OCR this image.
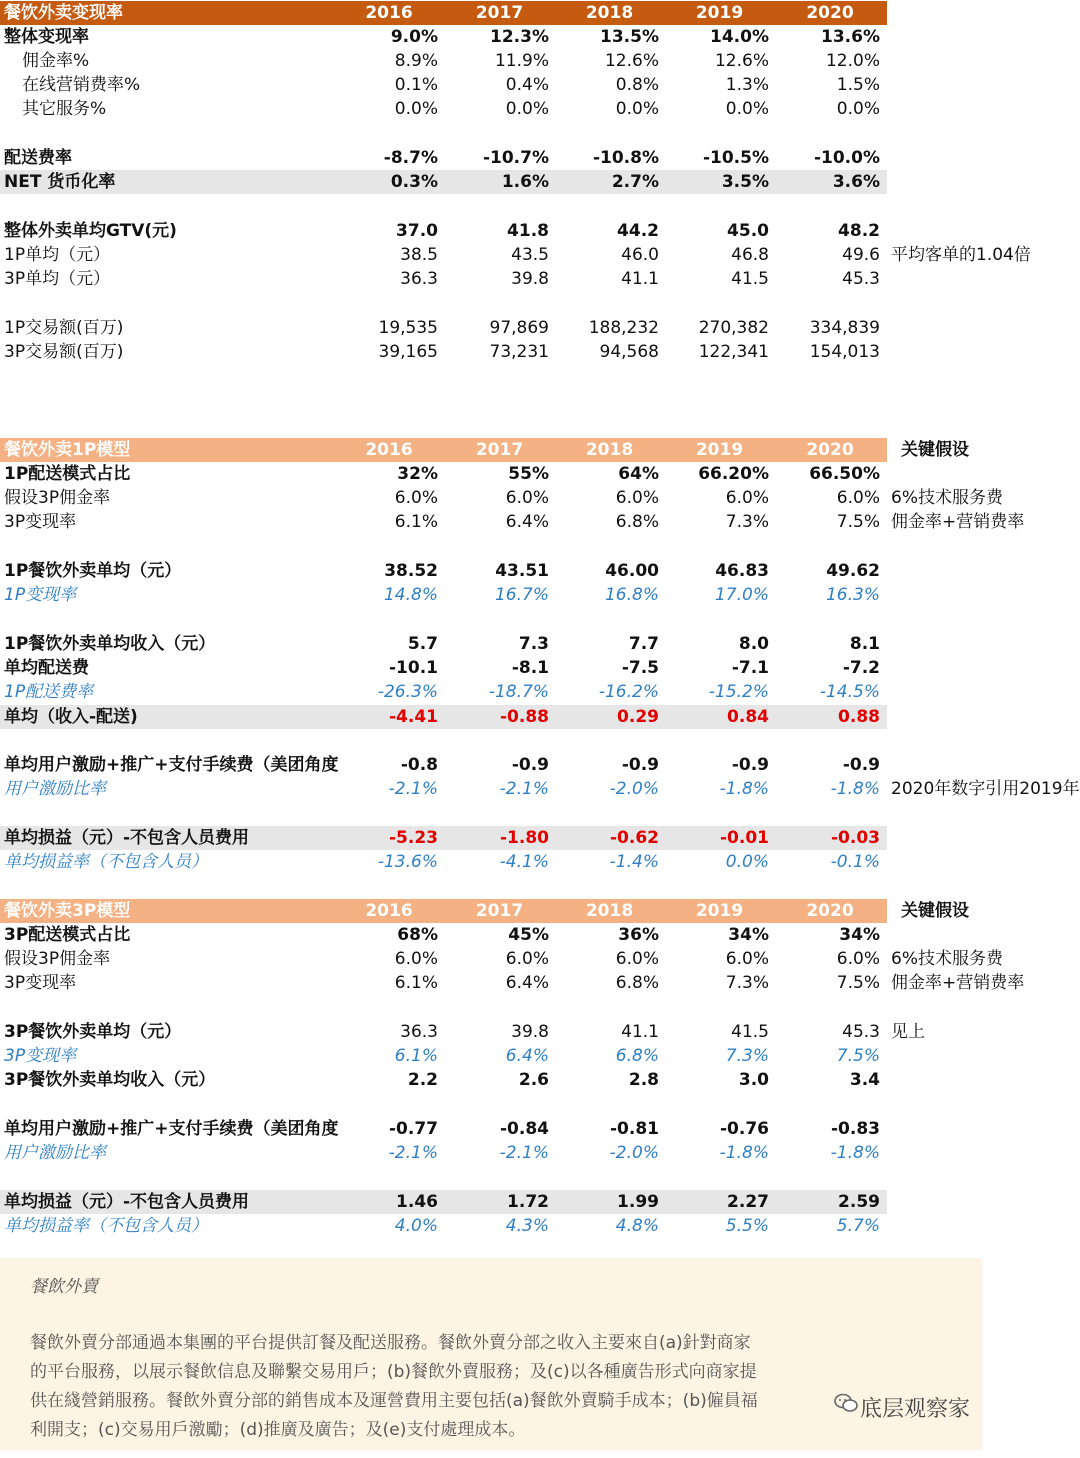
餐饮外卖变现率	2016	2017	2018	2019	2020
整体变现率	9.0%	12.3%	13.5%	14.0%	13.6%
佣金率%	8.9%	11.9%	12.6%	12.6%	12.0%
在线营销费率%	0.1%	0.4%	0.8%	1.3%	1.5%
其它服务%	0.0%	0.0%	0.0%	0.0%	0.0%
配送费率	-8.7%	-10.7%	-10.8%	-10.5%	-10.0%
NET 货币化率	0.3%	1.6%	2.7%	3.5%	3.6%
整体外卖单均GTV(元)	37.0	41.8	44.2	45.0	48.2
1P单均（元）	38.5	43.5	46.0	46.8	49.6 平均客单的1.04倍
3P单均（元）	36.3	39.8	41.1	41.5	45.3
1P交易额(百万)	19,535	97,869	188,232	270,382	334,839
3P交易额(百万)	39,165	73,231	94,568	122,341	154,013
餐饮外卖1P模型	2016	2017	2018	2019	2020	关键假设
1P配送模式占比	32%	55%	64%	66.20%	66.50%
假设3P佣金率	6.0%	6.0%	6.0%	6.0%	6.0% 6%技术服务费
3P变现率	6.1%	6.4%	6.8%	7.3%	7.5% 佣金率+营销费率
1P餐饮外卖单均（元）	38.52	43.51	46.00	46.83	49.62
1P变现率	14.8%	16.7%	16.8%	17.0%	16.3%
1P餐饮外卖单均收入（元）	5.7	7.3	7.7	8.0	8.1
单均配送费	-10.1	-8.1	-7.5	-7.1	-7.2
1P配送费率	-26.3%	-18.7%	-16.2%	-15.2%	-14.5%
单均（收入-配送)	-4.41	-0.88	0.29	0.84	0.88
单均用户激励+推广+支付手续费（美团角度	-0.8	-0.9	-0.9	-0.9	-0.9
用户激励比率	-2.1%	-2.1%	-2.0%	-1.8%	-1.8% 2020年数字引用2019年
单均损益（元）-不包含人员费用	-5.23	-1.80	-0.62	-0.01	-0.03
单均损益率（不包含人员）	-13.6%	-4.1%	-1.4%	0.0%	-0.1%
餐饮外卖3P模型	2016	2017	2018	2019	2020	关键假设
3P配送模式占比	68%	45%	36%	34%	34%
假设3P佣金率	6.0%	6.0%	6.0%	6.0%	6.0% 6%技术服务费
3P变现率	6.1%	6.4%	6.8%	7.3%	7.5% 佣金率+营销费率
3P餐饮外卖单均（元）	36.3	39.8	41.1	41.5	45.3 见上
3P变现率	6.1%	6.4%	6.8%	7.3%	7.5%
3P餐饮外卖单均收入（元）	2.2	2.6	2.8	3.0	3.4
单均用户激励+推广+支付手续费（美团角度	-0.77	-0.84	-0.81	-0.76	-0.83
用户激励比率	-2.1%	-2.1%	-2.0%	-1.8%	-1.8%
单均损益（元）-不包含人员费用	1.46	1.72	1.99	2.27	2.59
单均损益率（不包含人员）	4.0%	4.3%	4.8%	5.5%	5.7%
餐飲外賣
餐飲外賣分部通過本集團的平台提供訂餐及配送服務。餐飲外賣分部之收入主要來自(a)針對商家
的平台服務，以展示餐飲信息及聯繫交易用戶；(b)餐飲外賣服務；及(c)以各種廣告形式向商家提
供在綫營銷服務。餐飲外賣分部的銷售成本及運營費用主要包括(a)餐飲外賣騎手成本；(b)僱員福
利開支；(c)交易用戶激勵；(d)推廣及廣告；及(e)支付處理成本。
底层观察家
